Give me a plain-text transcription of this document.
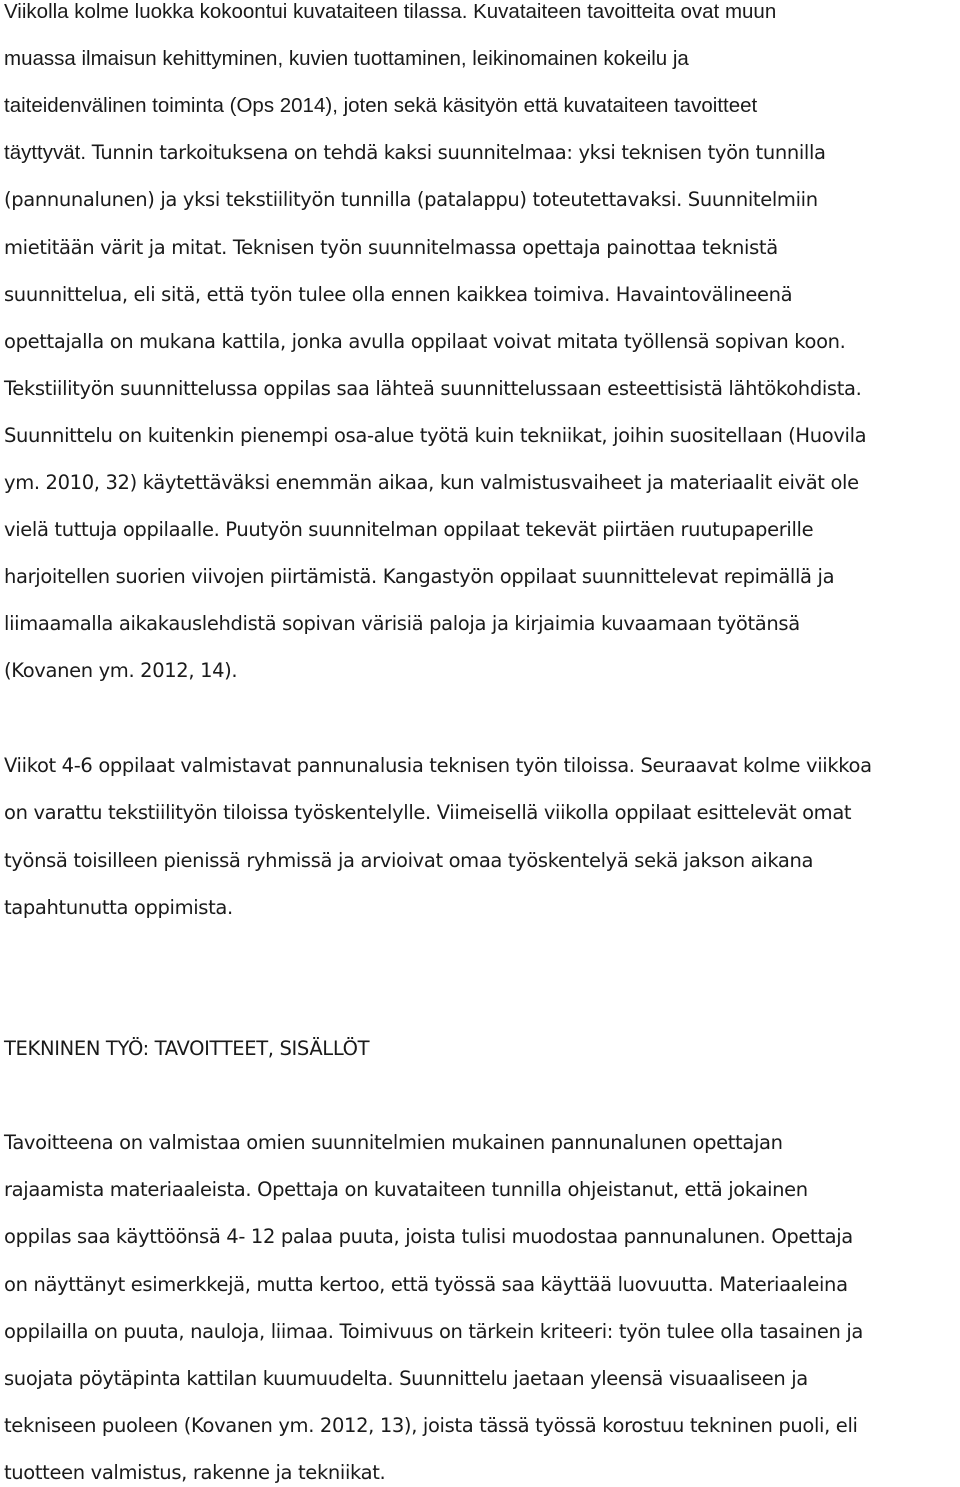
Viikolla kolme luokka kokoontui kuvataiteen tilassa. Kuvataiteen tavoitteita ovat muun
muassa ilmaisun kehittyminen, kuvien tuottaminen, leikinomainen kokeilu ja
taiteidenvälinen toiminta (Ops 2014), joten sekä käsityön että kuvataiteen tavoitteet
täyttyvät. Tunnin tarkoituksena on tehdä kaksi suunnitelmaa: yksi teknisen työn tunnilla
(pannunalunen) ja yksi tekstiilityön tunnilla (patalappu) toteutettavaksi. Suunnitelmiin
mietitään värit ja mitat. Teknisen työn suunnitelmassa opettaja painottaa teknistä
suunnittelua, eli sitä, että työn tulee olla ennen kaikkea toimiva. Havaintovälineenä
opettajalla on mukana kattila, jonka avulla oppilaat voivat mitata työllensä sopivan koon.
Tekstiilityön suunnittelussa oppilas saa lähteä suunnittelussaan esteettisistä lähtökohdista.
Suunnittelu on kuitenkin pienempi osa-alue työtä kuin tekniikat, joihin suositellaan (Huovila
ym. 2010, 32) käytettäväksi enemmän aikaa, kun valmistusvaiheet ja materiaalit eivät ole
vielä tuttuja oppilaalle. Puutyön suunnitelman oppilaat tekevät piirtäen ruutupaperille
harjoitellen suorien viivojen piirtämistä. Kangastyön oppilaat suunnittelevat repimällä ja
liimaamalla aikakauslehdistä sopivan värisiä paloja ja kirjaimia kuvaamaan työtänsä
(Kovanen ym. 2012, 14).
Viikot 4-6 oppilaat valmistavat pannunalusia teknisen työn tiloissa. Seuraavat kolme viikkoa
on varattu tekstiilityön tiloissa työskentelylle. Viimeisellä viikolla oppilaat esittelevät omat
työnsä toisilleen pienissä ryhmissä ja arvioivat omaa työskentelyä sekä jakson aikana
tapahtunutta oppimista.
TEKNINEN TYÖ: TAVOITTEET, SISÄLLÖT
Tavoitteena on valmistaa omien suunnitelmien mukainen pannunalunen opettajan
rajaamista materiaaleista. Opettaja on kuvataiteen tunnilla ohjeistanut, että jokainen
oppilas saa käyttöönsä 4- 12 palaa puuta, joista tulisi muodostaa pannunalunen. Opettaja
on näyttänyt esimerkkejä, mutta kertoo, että työssä saa käyttää luovuutta. Materiaaleina
oppilailla on puuta, nauloja, liimaa. Toimivuus on tärkein kriteeri: työn tulee olla tasainen ja
suojata pöytäpinta kattilan kuumuudelta. Suunnittelu jaetaan yleensä visuaaliseen ja
tekniseen puoleen (Kovanen ym. 2012, 13), joista tässä työssä korostuu tekninen puoli, eli
tuotteen valmistus, rakenne ja tekniikat.
